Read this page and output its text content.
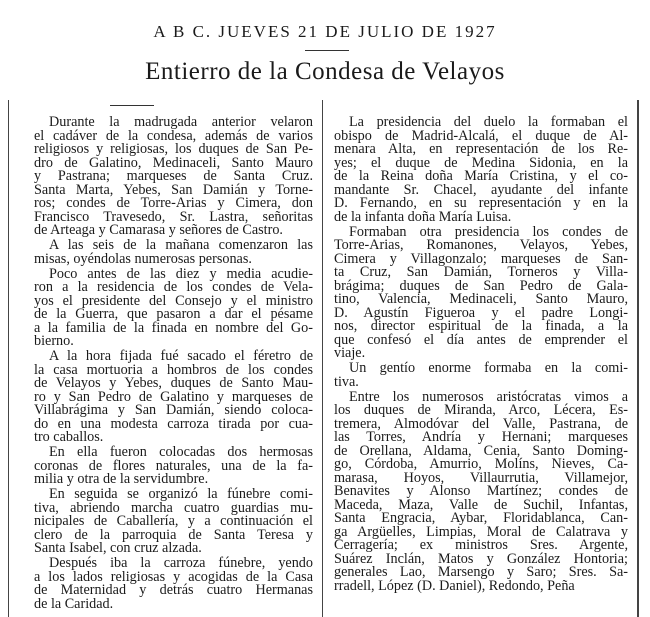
A B C. JUEVES 21 DE JULIO DE 1927
Entierro de la Condesa de Velayos
Durante la madrugada anterior velaron
el cadáver de la condesa, además de varios
religiosos y religiosas, los duques de San Pe-
dro de Galatino, Medinaceli, Santo Mauro
y Pastrana; marqueses de Santa Cruz.
Santa Marta, Yebes, San Damián y Torne-
ros; condes de Torre-Arias y Cimera, don
Francisco Travesedo, Sr. Lastra, señoritas
de Arteaga y Camarasa y señores de Castro.
A las seis de la mañana comenzaron las
misas, oyéndolas numerosas personas.
Poco antes de las diez y media acudie-
ron a la residencia de los condes de Vela-
yos el presidente del Consejo y el ministro
de la Guerra, que pasaron a dar el pésame
a la familia de la finada en nombre del Go-
bierno.
A la hora fijada fué sacado el féretro de
la casa mortuoria a hombros de los condes
de Velayos y Yebes, duques de Santo Mau-
ro y San Pedro de Galatino y marqueses de
Villabrágima y San Damián, siendo coloca-
do en una modesta carroza tirada por cua-
tro caballos.
En ella fueron colocadas dos hermosas
coronas de flores naturales, una de la fa-
milia y otra de la servidumbre.
En seguida se organizó la fúnebre comi-
tiva, abriendo marcha cuatro guardias mu-
nicipales de Caballería, y a continuación el
clero de la parroquia de Santa Teresa y
Santa Isabel, con cruz alzada.
Después iba la carroza fúnebre, yendo
a los lados religiosas y acogidas de la Casa
de Maternidad y detrás cuatro Hermanas
de la Caridad.
La presidencia del duelo la formaban el
obispo de Madrid-Alcalá, el duque de Al-
menara Alta, en representación de los Re-
yes; el duque de Medina Sidonia, en la
de la Reina doña María Cristina, y el co-
mandante Sr. Chacel, ayudante del infante
D. Fernando, en su representación y en la
de la infanta doña María Luisa.
Formaban otra presidencia los condes de
Torre-Arias, Romanones, Velayos, Yebes,
Cimera y Villagonzalo; marqueses de San-
ta Cruz, San Damián, Torneros y Villa-
brágima; duques de San Pedro de Gala-
tino, Valencia, Medinaceli, Santo Mauro,
D. Agustín Figueroa y el padre Longi-
nos, director espiritual de la finada, a la
que confesó el día antes de emprender el
viaje.
Un gentío enorme formaba en la comi-
tiva.
Entre los numerosos aristócratas vimos a
los duques de Miranda, Arco, Lécera, Es-
tremera, Almodóvar del Valle, Pastrana, de
las Torres, Andría y Hernani; marqueses
de Orellana, Aldama, Cenia, Santo Doming-
go, Córdoba, Amurrio, Molíns, Nieves, Ca-
marasa, Hoyos, Villaurrutia, Villamejor,
Benavites y Alonso Martínez; condes de
Maceda, Maza, Valle de Suchil, Infantas,
Santa Engracia, Aybar, Floridablanca, Can-
ga Argüelles, Limpias, Moral de Calatrava y
Cerragería; ex ministros Sres. Argente,
Suárez Inclán, Matos y González Hontoria;
generales Lao, Marsengo y Saro; Sres. Sa-
rradell, López (D. Daniel), Redondo, Peña
